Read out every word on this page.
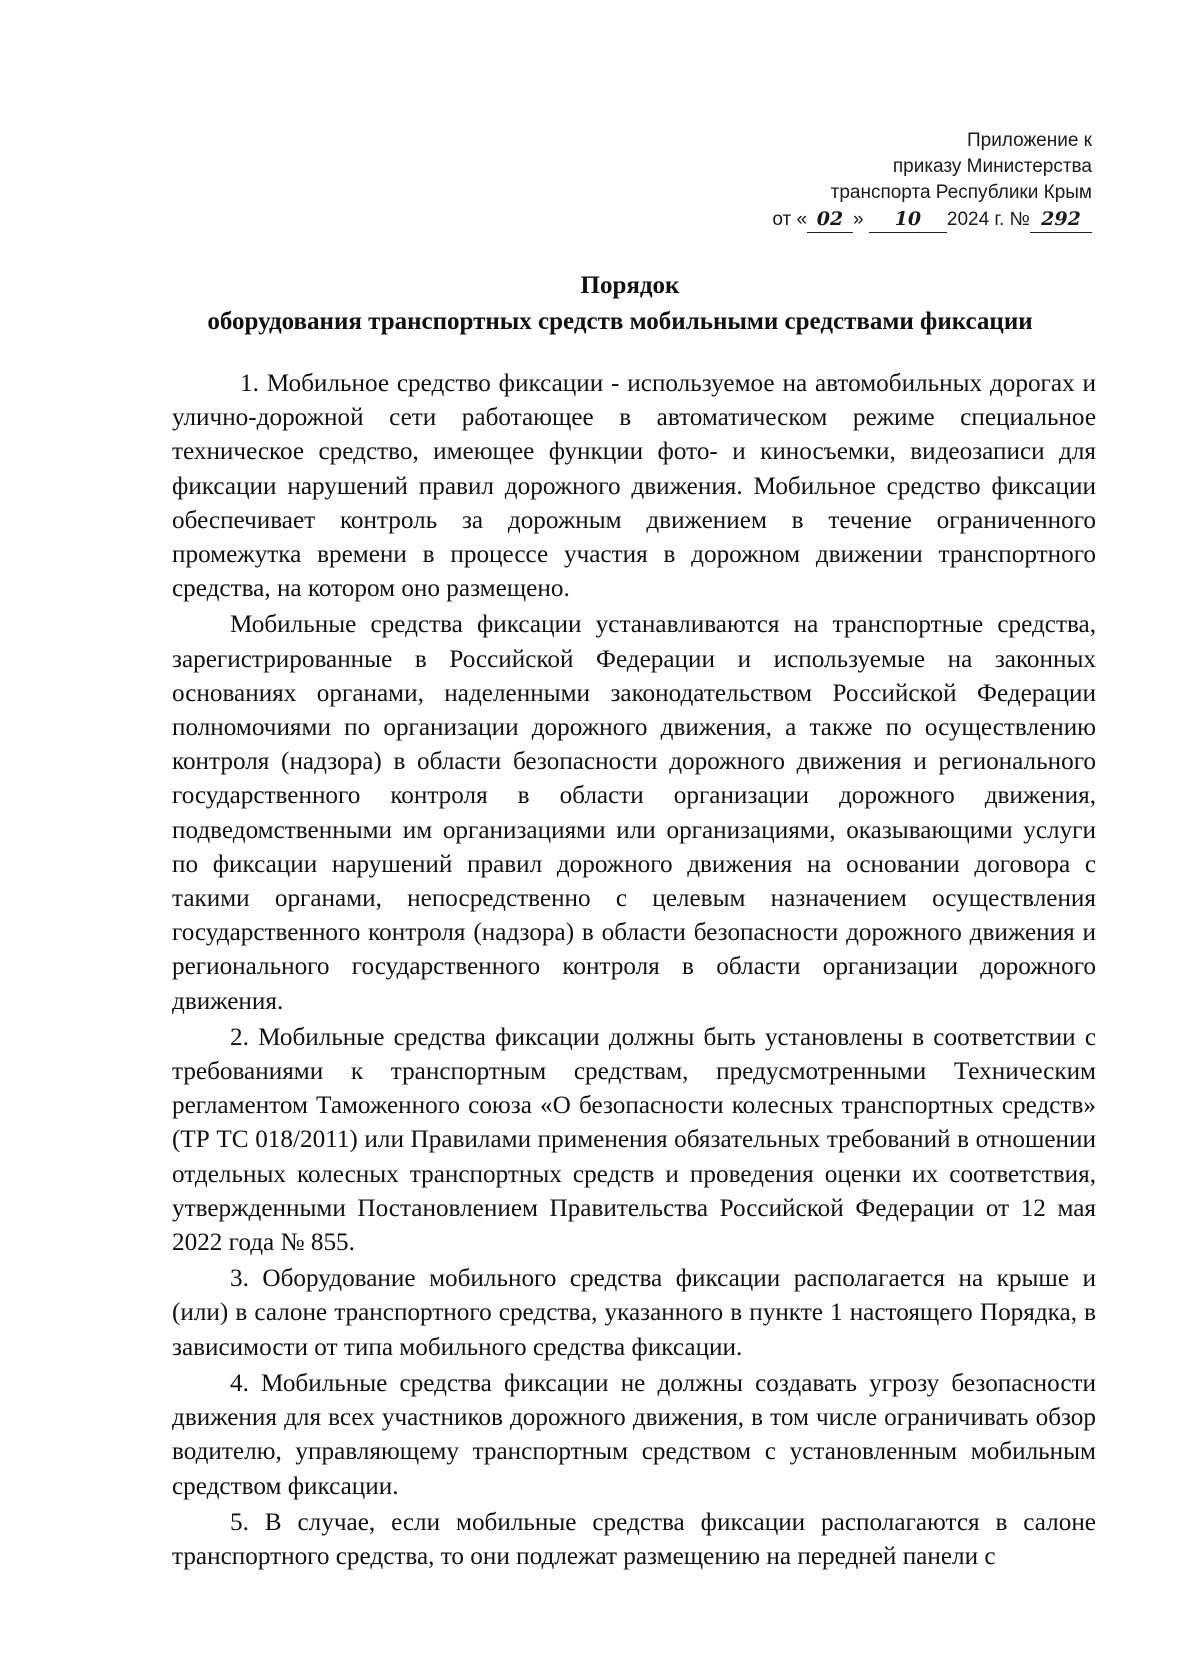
Приложение к
приказу Министерства
транспорта Республики Крым
от « 02 » 10 2024 г. № 292
Порядок
оборудования транспортных средств мобильными средствами фиксации

1. Мобильное средство фиксации - используемое на автомобильных дорогах и улично-дорожной сети работающее в автоматическом режиме специальное техническое средство, имеющее функции фото- и киносъемки, видеозаписи для фиксации нарушений правил дорожного движения. Мобильное средство фиксации обеспечивает контроль за дорожным движением в течение ограниченного промежутка времени в процессе участия в дорожном движении транспортного средства, на котором оно размещено.

Мобильные средства фиксации устанавливаются на транспортные средства, зарегистрированные в Российской Федерации и используемые на законных основаниях органами, наделенными законодательством Российской Федерации полномочиями по организации дорожного движения, а также по осуществлению контроля (надзора) в области безопасности дорожного движения и регионального государственного контроля в области организации дорожного движения, подведомственными им организациями или организациями, оказывающими услуги по фиксации нарушений правил дорожного движения на основании договора с такими органами, непосредственно с целевым назначением осуществления государственного контроля (надзора) в области безопасности дорожного движения и регионального государственного контроля в области организации дорожного движения.

2. Мобильные средства фиксации должны быть установлены в соответствии с требованиями к транспортным средствам, предусмотренными Техническим регламентом Таможенного союза «О безопасности колесных транспортных средств» (ТР ТС 018/2011) или Правилами применения обязательных требований в отношении отдельных колесных транспортных средств и проведения оценки их соответствия, утвержденными Постановлением Правительства Российской Федерации от 12 мая 2022 года № 855.

3. Оборудование мобильного средства фиксации располагается на крыше и (или) в салоне транспортного средства, указанного в пункте 1 настоящего Порядка, в зависимости от типа мобильного средства фиксации.

4. Мобильные средства фиксации не должны создавать угрозу безопасности движения для всех участников дорожного движения, в том числе ограничивать обзор водителю, управляющему транспортным средством с установленным мобильным средством фиксации.

5. В случае, если мобильные средства фиксации располагаются в салоне транспортного средства, то они подлежат размещению на передней панели с
